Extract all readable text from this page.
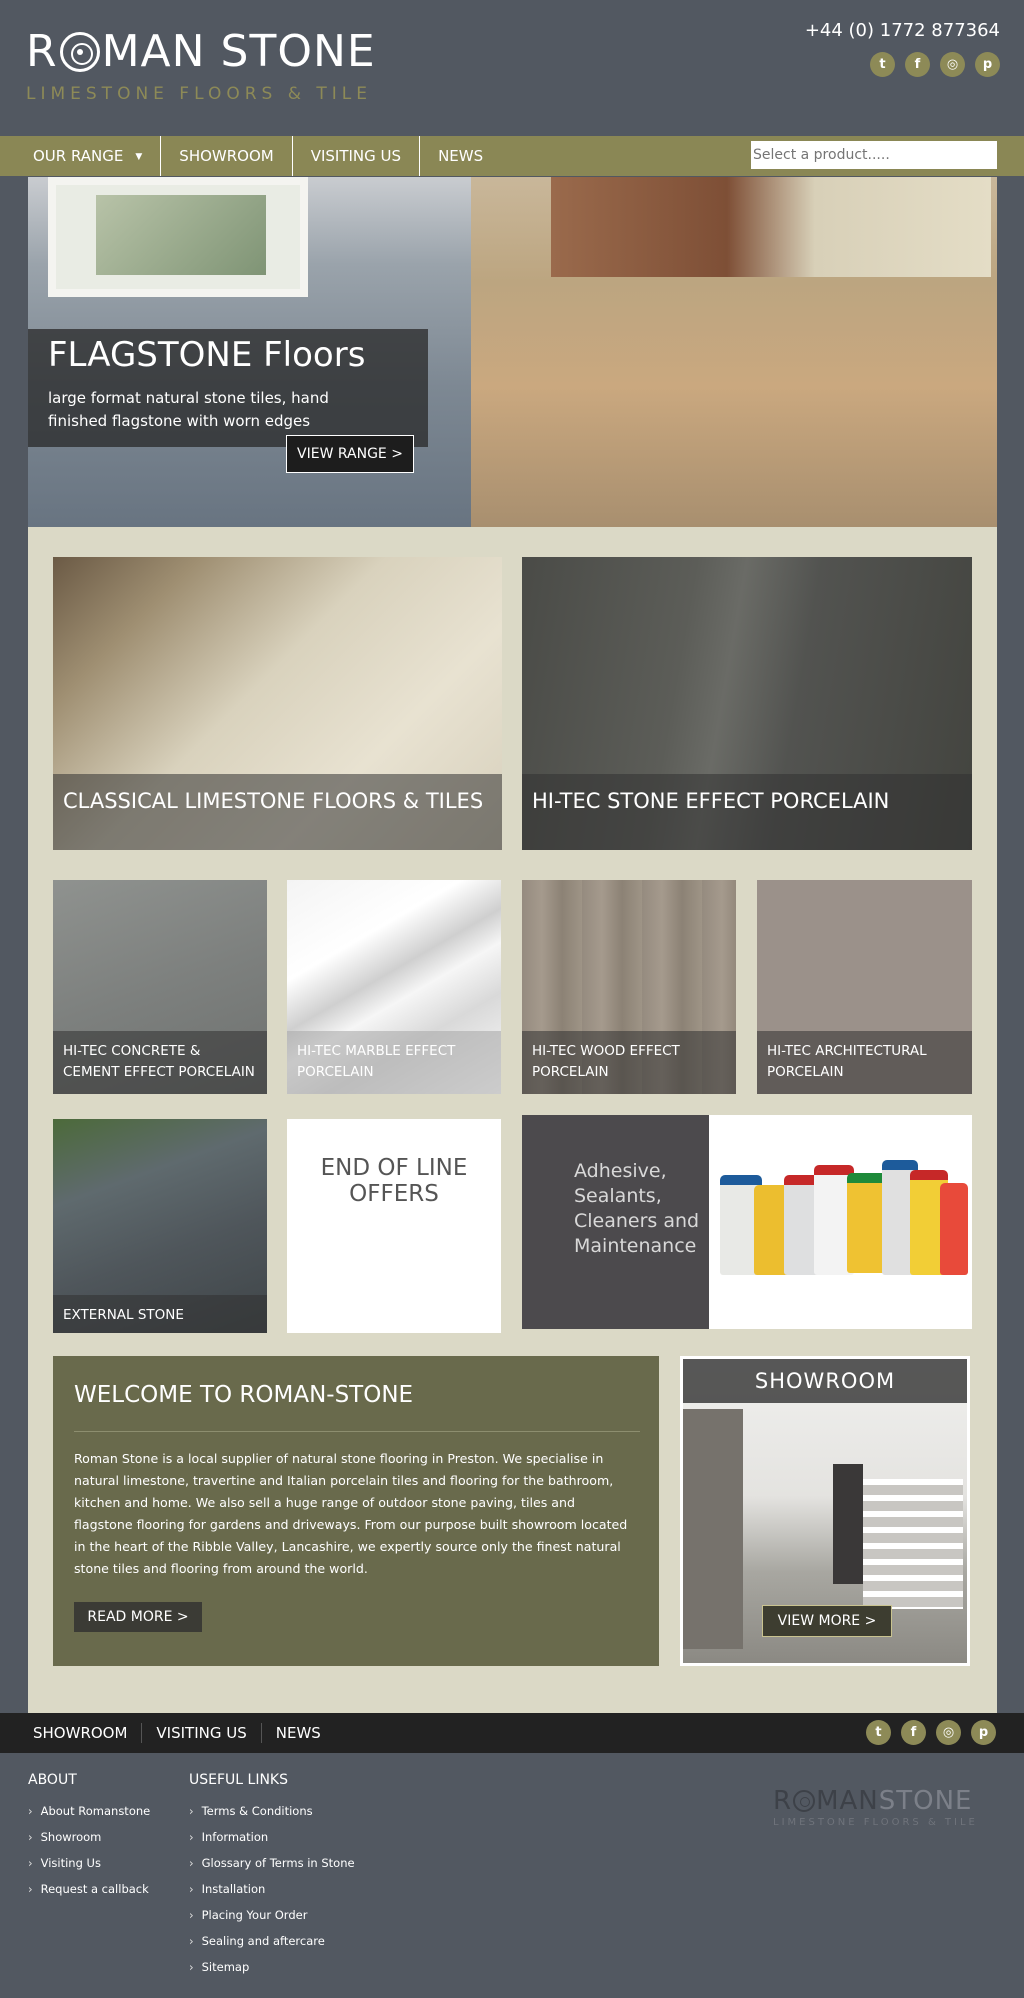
R MAN STONE
LIMESTONE FLOORS & TILE
+44 (0) 1772 877364
t	f	◎	p
OUR RANGE ▼	SHOWROOM	VISITING US	NEWS
Select a product.....
FLAGSTONE Floors
large format natural stone tiles, hand finished flagstone with worn edges
VIEW RANGE >
CLASSICAL LIMESTONE FLOORS & TILES	HI-TEC STONE EFFECT PORCELAIN
HI-TEC CONCRETE & CEMENT EFFECT PORCELAIN
HI-TEC MARBLE EFFECT PORCELAIN
HI-TEC WOOD EFFECT PORCELAIN
HI-TEC ARCHITECTURAL PORCELAIN
EXTERNAL STONE
END OF LINE OFFERS
Adhesive, Sealants, Cleaners and Maintenance
WELCOME TO ROMAN-STONE
Roman Stone is a local supplier of natural stone flooring in Preston. We specialise in natural limestone, travertine and Italian porcelain tiles and flooring for the bathroom, kitchen and home. We also sell a huge range of outdoor stone paving, tiles and flagstone flooring for gardens and driveways. From our purpose built showroom located in the heart of the Ribble Valley, Lancashire, we expertly source only the finest natural stone tiles and flooring from around the world.
READ MORE >
SHOWROOM
VIEW MORE >
SHOWROOM	VISITING US	NEWS	t	f	◎	p
ABOUT
› About Romanstone
› Showroom
› Visiting Us
› Request a callback
USEFUL LINKS
› Terms & Conditions
› Information
› Glossary of Terms in Stone
› Installation
› Placing Your Order
› Sealing and aftercare
› Sitemap
R MAN STONE
LIMESTONE FLOORS & TILE
